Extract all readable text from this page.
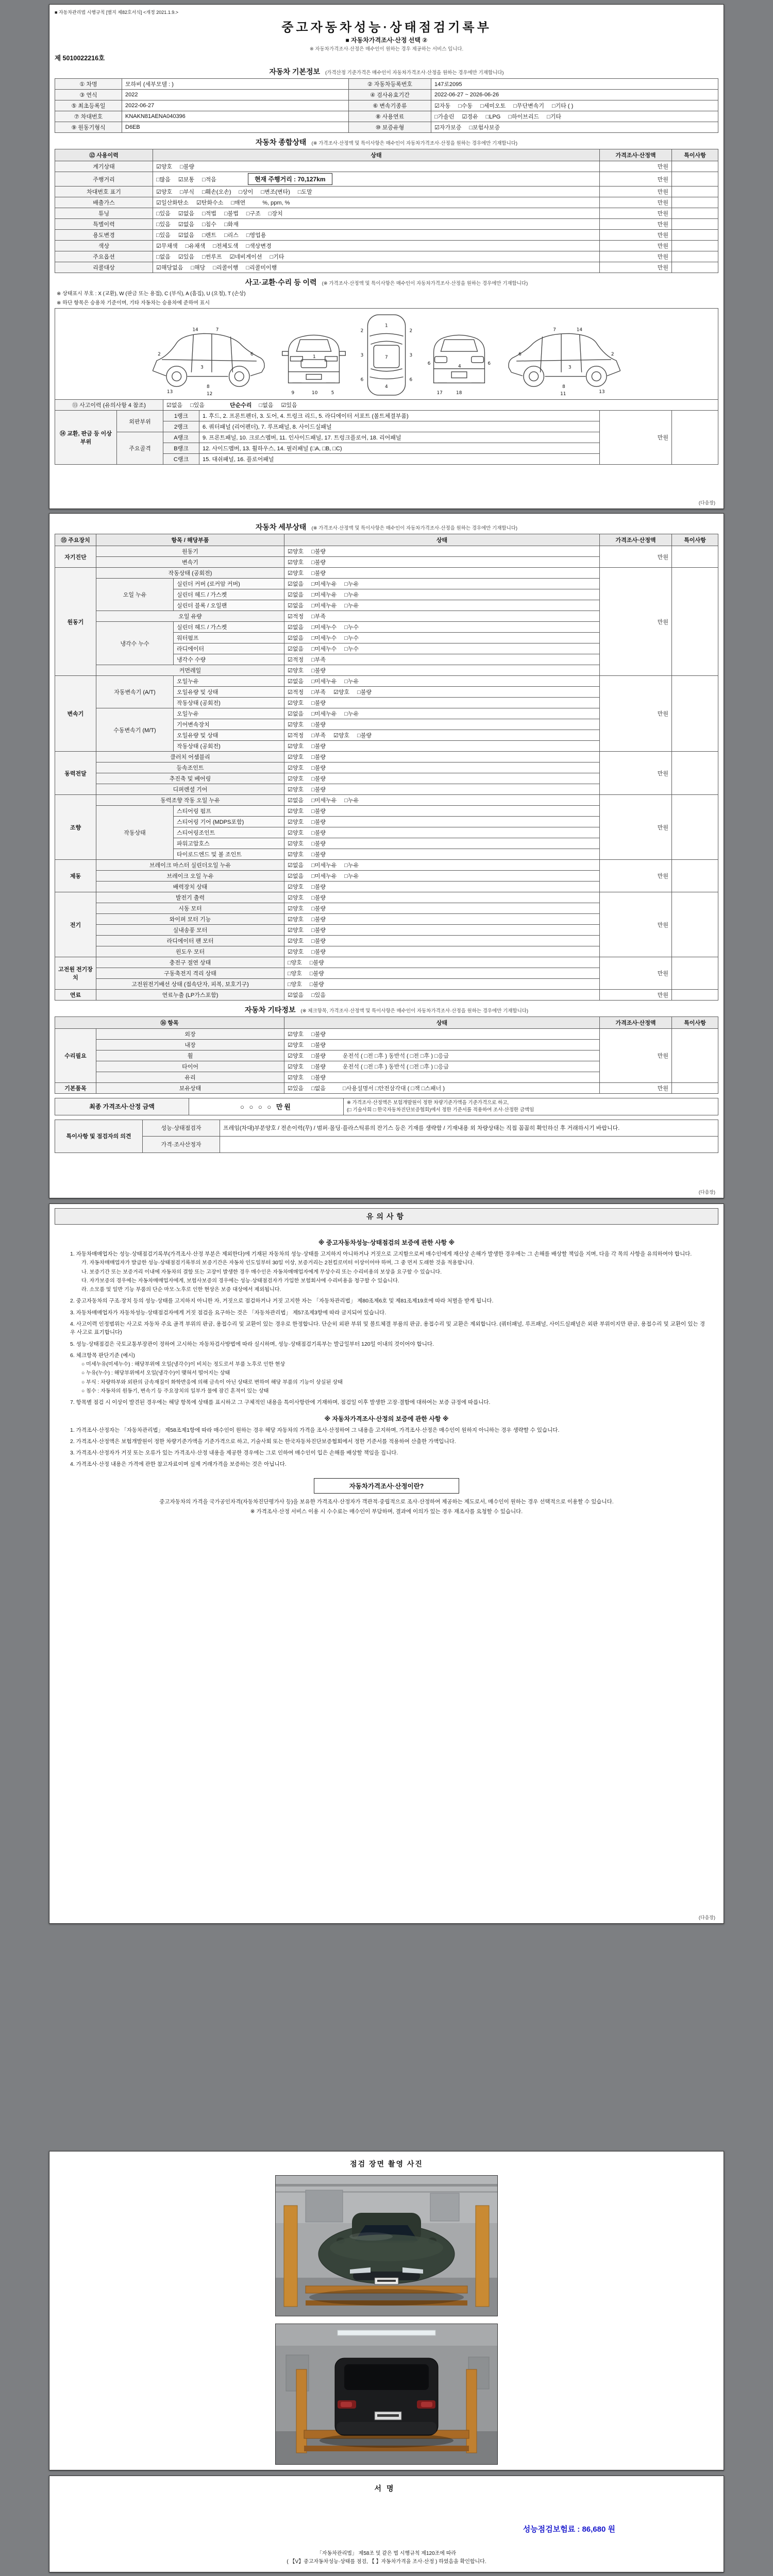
■ 자동차관리법 시행규칙 [별지 제82호서식] <개정 2021.1.9.>
중고자동차성능·상태점검기록부
■ 자동차가격조사·산정 선택 ②
※ 자동차가격조사·산정은 매수인이 원하는 경우 제공하는 서비스 입니다.
제 5010022216호
자동차 기본정보 (가격산정 기준가격은 매수인이 자동차가격조사·산정을 원하는 경우에만 기재합니다)
① 차명	모하비 (세부모델 : )	② 자동차등록번호	147로2095
③ 연식	2022	④ 검사유효기간	2022-06-27 ~ 2026-06-26
⑤ 최초등록일	2022-06-27	⑥ 변속기종류	☑자동 □수동 □세미오토 □무단변속기 □기타 ( )
⑦ 차대번호	KNAKN81AENA040396	⑧ 사용연료	□가솔린 ☑경유 □LPG □하이브리드 □기타
⑨ 원동기형식	D6EB	⑩ 보증유형	☑자가보증 □보험사보증
자동차 종합상태 (※ 가격조사·산정액 및 특이사항은 매수인이 자동차가격조사·산정을 원하는 경우에만 기재합니다)
⑫ 사용이력	상태	가격조사·산정액	특이사항
계기상태	☑양호 □불량	만원	
주행거리	□많음 ☑보통 □적음 현재 주행거리 : 70,127km	만원	
차대번호 표기	☑양호 □부식 □훼손(오손) □상이 □변조(변타) □도말	만원	
배출가스	☑일산화탄소 ☑탄화수소 □매연 %, ppm, %	만원	
튜닝	□있음 ☑없음 □적법 □불법 □구조 □장치	만원	
특별이력	□있음 ☑없음 □침수 □화재	만원	
용도변경	□있음 ☑없음 □렌트 □리스 □영업용	만원	
색상	☑무채색 □유채색 □전체도색 □색상변경	만원	
주요옵션	□없음 ☑있음 □썬루프 ☑네비게이션 □기타	만원	
리콜대상	☑해당없음 □해당 □리콜이행 □리콜미이행	만원	
사고·교환·수리 등 이력 (※ 가격조사·산정액 및 특이사항은 매수인이 자동차가격조사·산정을 원하는 경우에만 기재합니다)
※ 상태표시 부호 : X (교환), W (판금 또는 용접), C (부식), A (흠집), U (요철), T (손상)
※ 하단 항목은 승용차 기준이며, 기타 자동차는 승용차에 준하여 표시
2
3
6
8
13	12
14	7
1
9	10	5
1
7
4
2	2
3	3
6	6
4
17	18
6	6
2
3
6
8
13
11
14
7
⑬ 사고이력 (유의사항 4 참조)		☑없음 □있음 단순수리 □없음 ☑있음			
⑭ 교환, 판금 등 이상 부위	외판부위	1랭크	1. 후드, 2. 프론트펜더, 3. 도어, 4. 트렁크 리드, 5. 라디에이터 서포트 (볼트체결부품)	만원	
		2랭크	6. 쿼터패널 (리어펜더), 7. 루프패널, 8. 사이드실패널		
	주요골격	A랭크	9. 프론트패널, 10. 크로스멤버, 11. 인사이드패널, 17. 트렁크플로어, 18. 리어패널		
		B랭크	12. 사이드멤버, 13. 휠하우스, 14. 필러패널 (□A, □B, □C)		
		C랭크	15. 대쉬패널, 16. 플로어패널		
(다음장)
자동차 세부상태 (※ 가격조사·산정액 및 특이사항은 매수인이 자동차가격조사·산정을 원하는 경우에만 기재합니다)
⑮ 주요장치	항목 / 해당부품		상태	가격조사·산정액	특이사항
자기진단	원동기		☑양호 □불량	만원	
	변속기		☑양호 □불량		
원동기	작동상태 (공회전)		☑양호 □불량	만원	
	오일 누유	실린더 커버 (로커암 커버)	☑없음 □미세누유 □누유		
		실린더 헤드 / 가스켓	☑없음 □미세누유 □누유		
		실린더 블록 / 오일팬	☑없음 □미세누유 □누유		
	오일 유량		☑적정 □부족		
	냉각수 누수	실린더 헤드 / 가스켓	☑없음 □미세누수 □누수		
		워터펌프	☑없음 □미세누수 □누수		
		라디에이터	☑없음 □미세누수 □누수		
		냉각수 수량	☑적정 □부족		
	커먼레일		☑양호 □불량		
변속기	자동변속기 (A/T)	오일누유	☑없음 □미세누유 □누유	만원	
		오일유량 및 상태	☑적정 □부족 ☑양호 □불량		
		작동상태 (공회전)	☑양호 □불량		
	수동변속기 (M/T)	오일누유	☑없음 □미세누유 □누유		
		기어변속장치	☑양호 □불량		
		오일유량 및 상태	☑적정 □부족 ☑양호 □불량		
		작동상태 (공회전)	☑양호 □불량		
동력전달	클러치 어셈블리		☑양호 □불량	만원	
	등속조인트		☑양호 □불량		
	추진축 및 베어링		☑양호 □불량		
	디퍼렌셜 기어		☑양호 □불량		
조향	동력조향 작동 오일 누유		☑없음 □미세누유 □누유	만원	
	작동상태	스티어링 펌프	☑양호 □불량		
		스티어링 기어 (MDPS포함)	☑양호 □불량		
		스티어링조인트	☑양호 □불량		
		파워고압호스	☑양호 □불량		
		타이로드엔드 및 볼 조인트	☑양호 □불량		
제동	브레이크 마스터 실린더오일 누유		☑없음 □미세누유 □누유	만원	
	브레이크 오일 누유		☑없음 □미세누유 □누유		
	배력장치 상태		☑양호 □불량		
전기	발전기 출력		☑양호 □불량	만원	
	시동 모터		☑양호 □불량		
	와이퍼 모터 기능		☑양호 □불량		
	실내송풍 모터		☑양호 □불량		
	라디에이터 팬 모터		☑양호 □불량		
	윈도우 모터		☑양호 □불량		
고전원 전기장치	충전구 절연 상태		□양호 □불량	만원	
	구동축전지 격리 상태		□양호 □불량		
	고전원전기배선 상태 (접속단자, 피복, 보호기구)		□양호 □불량		
연료	연료누출 (LP가스포함)		☑없음 □있음	만원	
자동차 기타정보 (※ 체크항목, 가격조사·산정액 및 특이사항은 매수인이 자동차가격조사·산정을 원하는 경우에만 기재합니다)
⑯ 항목		상태	가격조사·산정액	특이사항
수리필요	외장	☑양호 □불량	만원	
	내장	☑양호 □불량		
	휠	☑양호 □불량 운전석 ( □전 □후 ) 동반석 ( □전 □후 ) □응급		
	타이어	☑양호 □불량 운전석 ( □전 □후 ) 동반석 ( □전 □후 ) □응급		
	유리	☑양호 □불량		
기본품목	보유상태	☑있음 □없음 □사용설명서 □안전삼각대 ( □잭 □스패너 )	만원	
최종 가격조사·산정 금액	○ ○ ○ ○ 만원	
※ 가격조사·산정액은 보험개발원이 정한 차량기준가액을 기준가격으로 하고,
(□ 기술사회 □ 한국자동차진단보증협회)에서 정한 기준서를 적용하여 조사·산정한 금액임
특이사항 및 점검자의 의견	성능·상태점검자	프레임(차대)부분양호 / 전손이력(무) / 범퍼·몰딩·플라스틱류의 잔기스 등은 기재를 생략함 / 기재내용 외 차량상태는 직접 꼼꼼히 확인하신 후 거래하시기 바랍니다.
	가격·조사산정자	
(다음장)
유의사항
※ 중고자동차성능·상태점검의 보증에 관한 사항 ※
1. 자동차매매업자는 성능·상태점검기록부(가격조사·산정 부분은 제외한다)에 기재된 자동차의 성능·상태를 고지하지 아니하거나 거짓으로 고지함으로써 매수인에게 재산상 손해가 발생한 경우에는 그 손해를 배상할 책임을 지며, 다음 각 목의 사항을 유의하여야 합니다.
가. 자동차매매업자가 발급한 성능·상태점검기록부의 보증기간은 자동차 인도일부터 30일 이상, 보증거리는 2천킬로미터 이상이어야 하며, 그 중 먼저 도래한 것을 적용합니다.
나. 보증기간 또는 보증거리 이내에 자동차의 결함 또는 고장이 발생한 경우 매수인은 자동차매매업자에게 무상수리 또는 수리비용의 보상을 요구할 수 있습니다.
다. 자가보증의 경우에는 자동차매매업자에게, 보험사보증의 경우에는 성능·상태점검자가 가입한 보험회사에 수리비용을 청구할 수 있습니다.
라. 소모품 및 일반 기능 부품의 단순 마모·노후로 인한 현상은 보증 대상에서 제외됩니다.
2. 중고자동차의 구조·장치 등의 성능·상태를 고지하지 아니한 자, 거짓으로 점검하거나 거짓 고지한 자는 「자동차관리법」 제80조제6호 및 제81조제19호에 따라 처벌을 받게 됩니다.
3. 자동차매매업자가 자동차성능·상태점검자에게 거짓 점검을 요구하는 것은 「자동차관리법」 제57조제3항에 따라 금지되어 있습니다.
4. 사고이력 인정범위는 사고로 자동차 주요 골격 부위의 판금, 용접수리 및 교환이 있는 경우로 한정합니다. 단순히 외판 부위 및 볼트체결 부품의 판금, 용접수리 및 교환은 제외합니다. (쿼터패널, 루프패널, 사이드실패널은 외판 부위이지만 판금, 용접수리 및 교환이 있는 경우 사고로 표기합니다)
5. 성능·상태점검은 국토교통부장관이 정하여 고시하는 자동차검사방법에 따라 실시하며, 성능·상태점검기록부는 발급일부터 120일 이내의 것이어야 합니다.
6. 체크항목 판단기준 (예시)
○ 미세누유(미세누수) : 해당부위에 오일(냉각수)이 비치는 정도로서 부품 노후로 인한 현상
○ 누유(누수) : 해당부위에서 오일(냉각수)이 맺혀서 떨어지는 상태
○ 부식 : 차량하부와 외판의 금속재질이 화학반응에 의해 금속이 아닌 상태로 변하여 해당 부품의 기능이 상실된 상태
○ 침수 : 자동차의 원동기, 변속기 등 주요장치의 일부가 물에 잠긴 흔적이 있는 상태
7. 항목별 점검 시 이상이 발견된 경우에는 해당 항목에 상태를 표시하고 그 구체적인 내용을 특이사항란에 기재하며, 점검일 이후 발생한 고장·결함에 대하여는 보증 규정에 따릅니다.
※ 자동차가격조사·산정의 보증에 관한 사항 ※
1. 가격조사·산정자는 「자동차관리법」 제58조제1항에 따라 매수인이 원하는 경우 해당 자동차의 가격을 조사·산정하여 그 내용을 고지하며, 가격조사·산정은 매수인이 원하지 아니하는 경우 생략할 수 있습니다.
2. 가격조사·산정액은 보험개발원이 정한 차량기준가액을 기준가격으로 하고, 기술사회 또는 한국자동차진단보증협회에서 정한 기준서를 적용하여 산출한 가액입니다.
3. 가격조사·산정자가 거짓 또는 오류가 있는 가격조사·산정 내용을 제공한 경우에는 그로 인하여 매수인이 입은 손해를 배상할 책임을 집니다.
4. 가격조사·산정 내용은 가격에 관한 참고자료이며 실제 거래가격을 보증하는 것은 아닙니다.
자동차가격조사·산정이란?
중고자동차의 가격을 국가공인자격(자동차진단평가사 등)을 보유한 가격조사·산정자가 객관적·중립적으로 조사·산정하여 제공하는 제도로서, 매수인이 원하는 경우 선택적으로 이용할 수 있습니다.
※ 가격조사·산정 서비스 이용 시 수수료는 매수인이 부담하며, 결과에 이의가 있는 경우 재조사를 요청할 수 있습니다.
(다음장)
점검 장면 촬영 사진
서명
성능점검보험료 : 86,680 원
「자동차관리법」 제58조 및 같은 법 시행규칙 제120조에 따라
( 【V】중고자동차성능·상태를 점검, 【 】자동차가격을 조사·산정 ) 하였음을 확인합니다.
